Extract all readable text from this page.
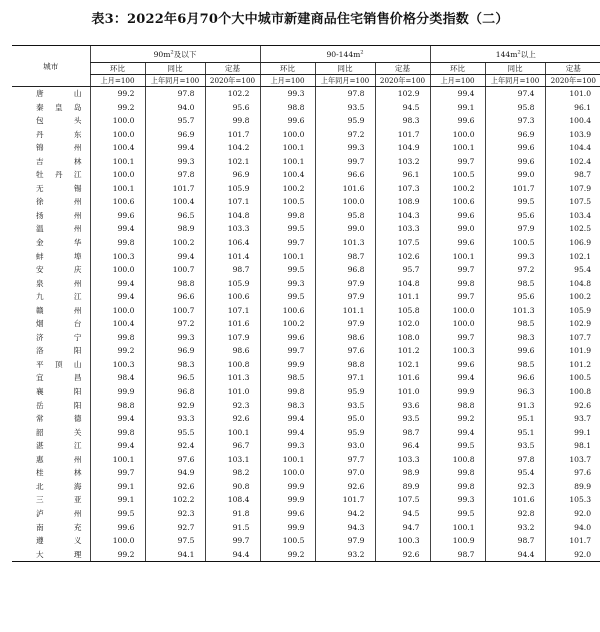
表3：2022年6月70个大中城市新建商品住宅销售价格分类指数（二）
城市	$90m^2$及以下			$90-144m^2$			$144m^2$以上		
	环比	同比	定基	环比	同比	定基	环比	同比	定基
	上月=100	上年同月=100	2020年=100	上月=100	上年同月=100	2020年=100	上月=100	上年同月=100	2020年=100
唐山	99.2	97.8	102.2	99.3	97.8	102.9	99.4	97.4	101.0
秦皇岛	99.2	94.0	95.6	98.8	93.5	94.5	99.1	95.8	96.1
包头	100.0	95.7	99.8	99.6	95.9	98.3	99.6	97.3	100.4
丹东	100.0	96.9	101.7	100.0	97.2	101.7	100.0	96.9	103.9
锦州	100.4	99.4	104.2	100.1	99.3	104.9	100.1	99.6	104.4
吉林	100.1	99.3	102.1	100.1	99.7	103.2	99.7	99.6	102.4
牡丹江	100.0	97.8	96.9	100.4	96.6	96.1	100.5	99.0	98.7
无锡	100.1	101.7	105.9	100.2	101.6	107.3	100.2	101.7	107.9
徐州	100.6	100.4	107.1	100.5	100.0	108.9	100.6	99.5	107.5
扬州	99.6	96.5	104.8	99.8	95.8	104.3	99.6	95.6	103.4
温州	99.4	98.9	103.3	99.5	99.0	103.3	99.0	97.9	102.5
金华	99.8	100.2	106.4	99.7	101.3	107.5	99.6	100.5	106.9
蚌埠	100.3	99.4	101.4	100.1	98.7	102.6	100.1	99.3	102.1
安庆	100.0	100.7	98.7	99.5	96.8	95.7	99.7	97.2	95.4
泉州	99.4	98.8	105.9	99.3	97.9	104.8	99.8	98.5	104.8
九江	99.4	96.6	100.6	99.5	97.9	101.1	99.7	95.6	100.2
赣州	100.0	100.7	107.1	100.6	101.1	105.8	100.0	101.3	105.9
烟台	100.4	97.2	101.6	100.2	97.9	102.0	100.0	98.5	102.9
济宁	99.8	99.3	107.9	99.6	98.6	108.0	99.7	98.3	107.7
洛阳	99.2	96.9	98.6	99.7	97.6	101.2	100.3	99.6	101.9
平顶山	100.3	98.3	100.8	99.9	98.8	102.1	99.6	98.5	101.2
宜昌	98.4	96.5	101.3	98.5	97.1	101.6	99.4	96.6	100.5
襄阳	99.9	96.8	101.0	99.8	95.9	101.0	99.9	96.3	100.8
岳阳	98.8	92.9	92.3	98.3	93.5	93.6	98.8	91.3	92.6
常德	99.4	93.3	92.6	99.4	95.0	93.5	99.2	95.1	93.7
韶关	99.8	95.5	100.1	99.4	95.9	98.7	99.4	95.1	99.1
湛江	99.4	92.4	96.7	99.3	93.0	96.4	99.5	93.5	98.1
惠州	100.1	97.6	103.1	100.1	97.7	103.3	100.8	97.8	103.7
桂林	99.7	94.9	98.2	100.0	97.0	98.9	99.8	95.4	97.6
北海	99.1	92.6	90.8	99.9	92.6	89.9	99.8	92.3	89.9
三亚	99.1	102.2	108.4	99.9	101.7	107.5	99.3	101.6	105.3
泸州	99.5	92.3	91.8	99.6	94.2	94.5	99.5	92.8	92.0
南充	99.6	92.7	91.5	99.9	94.3	94.7	100.1	93.2	94.0
遵义	100.0	97.5	99.7	100.5	97.9	100.3	100.9	98.7	101.7
大理	99.2	94.1	94.4	99.2	93.2	92.6	98.7	94.4	92.0
